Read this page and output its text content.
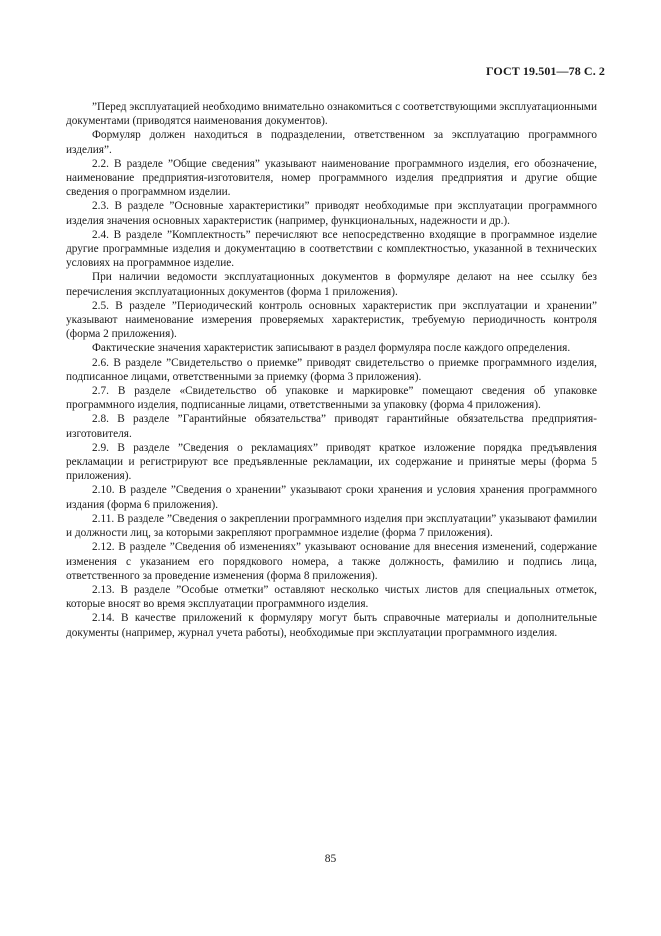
ГОСТ 19.501—78 С. 2

”Перед эксплуатацией необходимо внимательно ознакомиться с соответствующими эксплуатационными документами (приводятся наименования документов).

Формуляр должен находиться в подразделении, ответственном за эксплуатацию программного изделия”.

2.2. В разделе ”Общие сведения” указывают наименование программного изделия, его обозначение, наименование предприятия-изготовителя, номер программного изделия предприятия и другие общие сведения о программном изделии.

2.3. В разделе ”Основные характеристики” приводят необходимые при эксплуатации программного изделия значения основных характеристик (например, функциональных, надежности и др.).

2.4. В разделе ”Комплектность” перечисляют все непосредственно входящие в программное изделие другие программные изделия и документацию в соответствии с комплектностью, указанной в технических условиях на программное изделие.

При наличии ведомости эксплуатационных документов в формуляре делают на нее ссылку без перечисления эксплуатационных документов (форма 1 приложения).

2.5. В разделе ”Периодический контроль основных характеристик при эксплуатации и хранении” указывают наименование измерения проверяемых характеристик, требуемую периодичность контроля (форма 2 приложения).

Фактические значения характеристик записывают в раздел формуляра после каждого определения.

2.6. В разделе ”Свидетельство о приемке” приводят свидетельство о приемке программного изделия, подписанное лицами, ответственными за приемку (форма 3 приложения).

2.7. В разделе «Свидетельство об упаковке и маркировке” помещают сведения об упаковке программного изделия, подписанные лицами, ответственными за упаковку (форма 4 приложения).

2.8. В разделе ”Гарантийные обязательства” приводят гарантийные обязательства предприятия-изготовителя.

2.9. В разделе ”Сведения о рекламациях” приводят краткое изложение порядка предъявления рекламации и регистрируют все предъявленные рекламации, их содержание и принятые меры (форма 5 приложения).

2.10. В разделе ”Сведения о хранении” указывают сроки хранения и условия хранения программного издания (форма 6 приложения).

2.11. В разделе ”Сведения о закреплении программного изделия при эксплуатации” указывают фамилии и должности лиц, за которыми закрепляют программное изделие (форма 7 приложения).

2.12. В разделе ”Сведения об изменениях” указывают основание для внесения изменений, содержание изменения с указанием его порядкового номера, а также должность, фамилию и подпись лица, ответственного за проведение изменения (форма 8 приложения).

2.13. В разделе ”Особые отметки” оставляют несколько чистых листов для специальных отметок, которые вносят во время эксплуатации программного изделия.

2.14. В качестве приложений к формуляру могут быть справочные материалы и дополнительные документы (например, журнал учета работы), необходимые при эксплуатации программного изделия.

85
